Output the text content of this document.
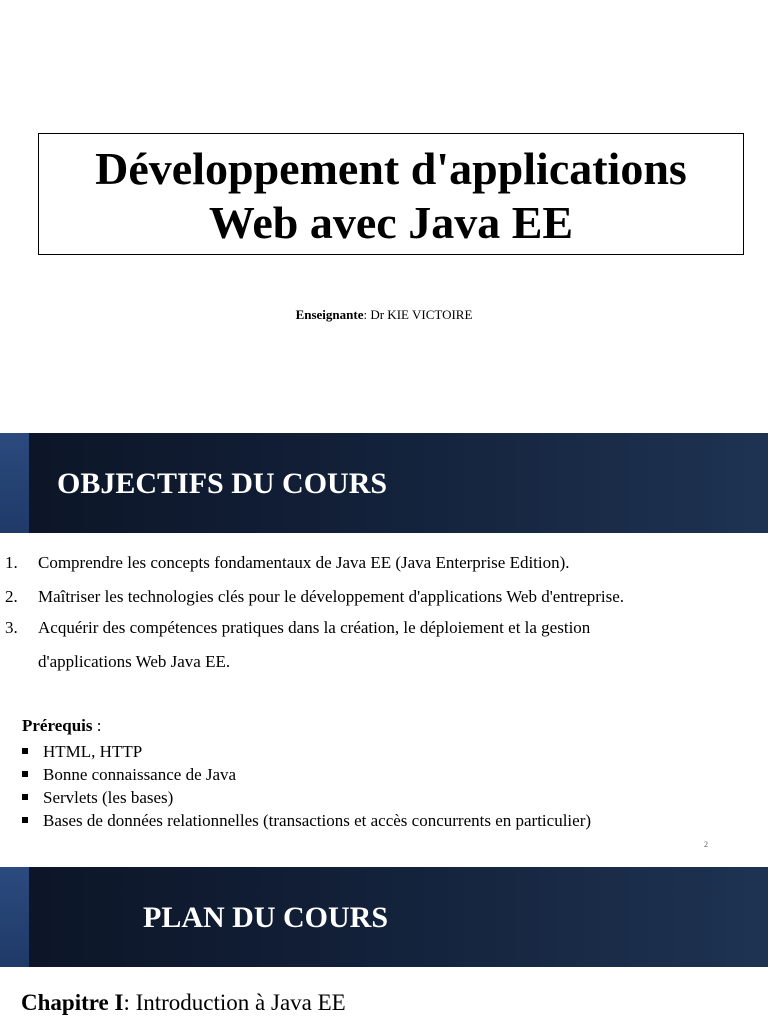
Développement d'applications
Web avec Java EE
Enseignante: Dr KIE VICTOIRE
OBJECTIFS DU COURS
1. Comprendre les concepts fondamentaux de Java EE (Java Enterprise Edition).
2. Maîtriser les technologies clés pour le développement d'applications Web d'entreprise.
3. Acquérir des compétences pratiques dans la création, le déploiement et la gestion
d'applications Web Java EE.
Prérequis :
HTML, HTTP
Bonne connaissance de Java
Servlets (les bases)
Bases de données relationnelles (transactions et accès concurrents en particulier)
2
PLAN DU COURS
Chapitre I: Introduction à Java EE
